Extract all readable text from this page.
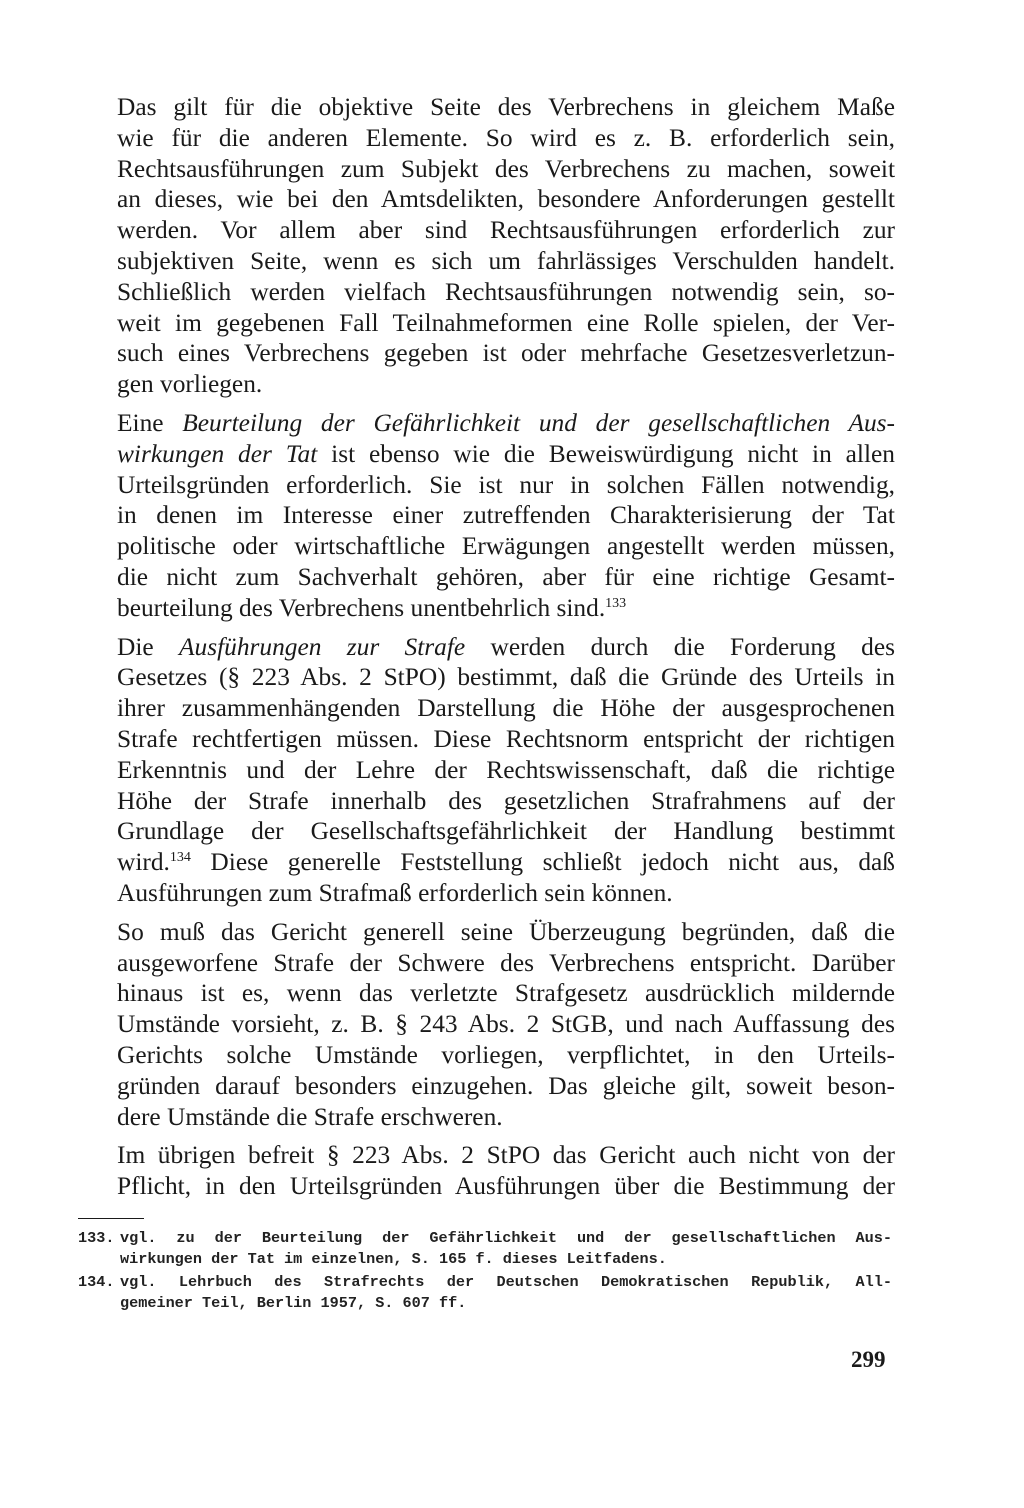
Das gilt für die objektive Seite des Verbrechens in gleichem Maße
wie für die anderen Elemente. So wird es z. B. erforderlich sein,
Rechtsausführungen zum Subjekt des Verbrechens zu machen, soweit
an dieses, wie bei den Amtsdelikten, besondere Anforderungen gestellt
werden. Vor allem aber sind Rechtsausführungen erforderlich zur
subjektiven Seite, wenn es sich um fahrlässiges Verschulden handelt.
Schließlich werden vielfach Rechtsausführungen notwendig sein, so-
weit im gegebenen Fall Teilnahmeformen eine Rolle spielen, der Ver-
such eines Verbrechens gegeben ist oder mehrfache Gesetzesverletzun-
gen vorliegen.

Eine Beurteilung der Gefährlichkeit und der gesellschaftlichen Aus-
wirkungen der Tat ist ebenso wie die Beweiswürdigung nicht in allen
Urteilsgründen erforderlich. Sie ist nur in solchen Fällen notwendig,
in denen im Interesse einer zutreffenden Charakterisierung der Tat
politische oder wirtschaftliche Erwägungen angestellt werden müssen,
die nicht zum Sachverhalt gehören, aber für eine richtige Gesamt-
beurteilung des Verbrechens unentbehrlich sind.$^{133}$

Die Ausführungen zur Strafe werden durch die Forderung des
Gesetzes (§ 223 Abs. 2 StPO) bestimmt, daß die Gründe des Urteils in
ihrer zusammenhängenden Darstellung die Höhe der ausgesprochenen
Strafe rechtfertigen müssen. Diese Rechtsnorm entspricht der richtigen
Erkenntnis und der Lehre der Rechtswissenschaft, daß die richtige
Höhe der Strafe innerhalb des gesetzlichen Strafrahmens auf der
Grundlage der Gesellschaftsgefährlichkeit der Handlung bestimmt
wird.$^{134}$ Diese generelle Feststellung schließt jedoch nicht aus, daß
Ausführungen zum Strafmaß erforderlich sein können.

So muß das Gericht generell seine Überzeugung begründen, daß die
ausgeworfene Strafe der Schwere des Verbrechens entspricht. Darüber
hinaus ist es, wenn das verletzte Strafgesetz ausdrücklich mildernde
Umstände vorsieht, z. B. § 243 Abs. 2 StGB, und nach Auffassung des
Gerichts solche Umstände vorliegen, verpflichtet, in den Urteils-
gründen darauf besonders einzugehen. Das gleiche gilt, soweit beson-
dere Umstände die Strafe erschweren.

Im übrigen befreit § 223 Abs. 2 StPO das Gericht auch nicht von der
Pflicht, in den Urteilsgründen Ausführungen über die Bestimmung der

133. vgl. zu der Beurteilung der Gefährlichkeit und der gesellschaftlichen Aus-
wirkungen der Tat im einzelnen, S. 165 f. dieses Leitfadens.
134. vgl. Lehrbuch des Strafrechts der Deutschen Demokratischen Republik, All-
gemeiner Teil, Berlin 1957, S. 607 ff.
299
